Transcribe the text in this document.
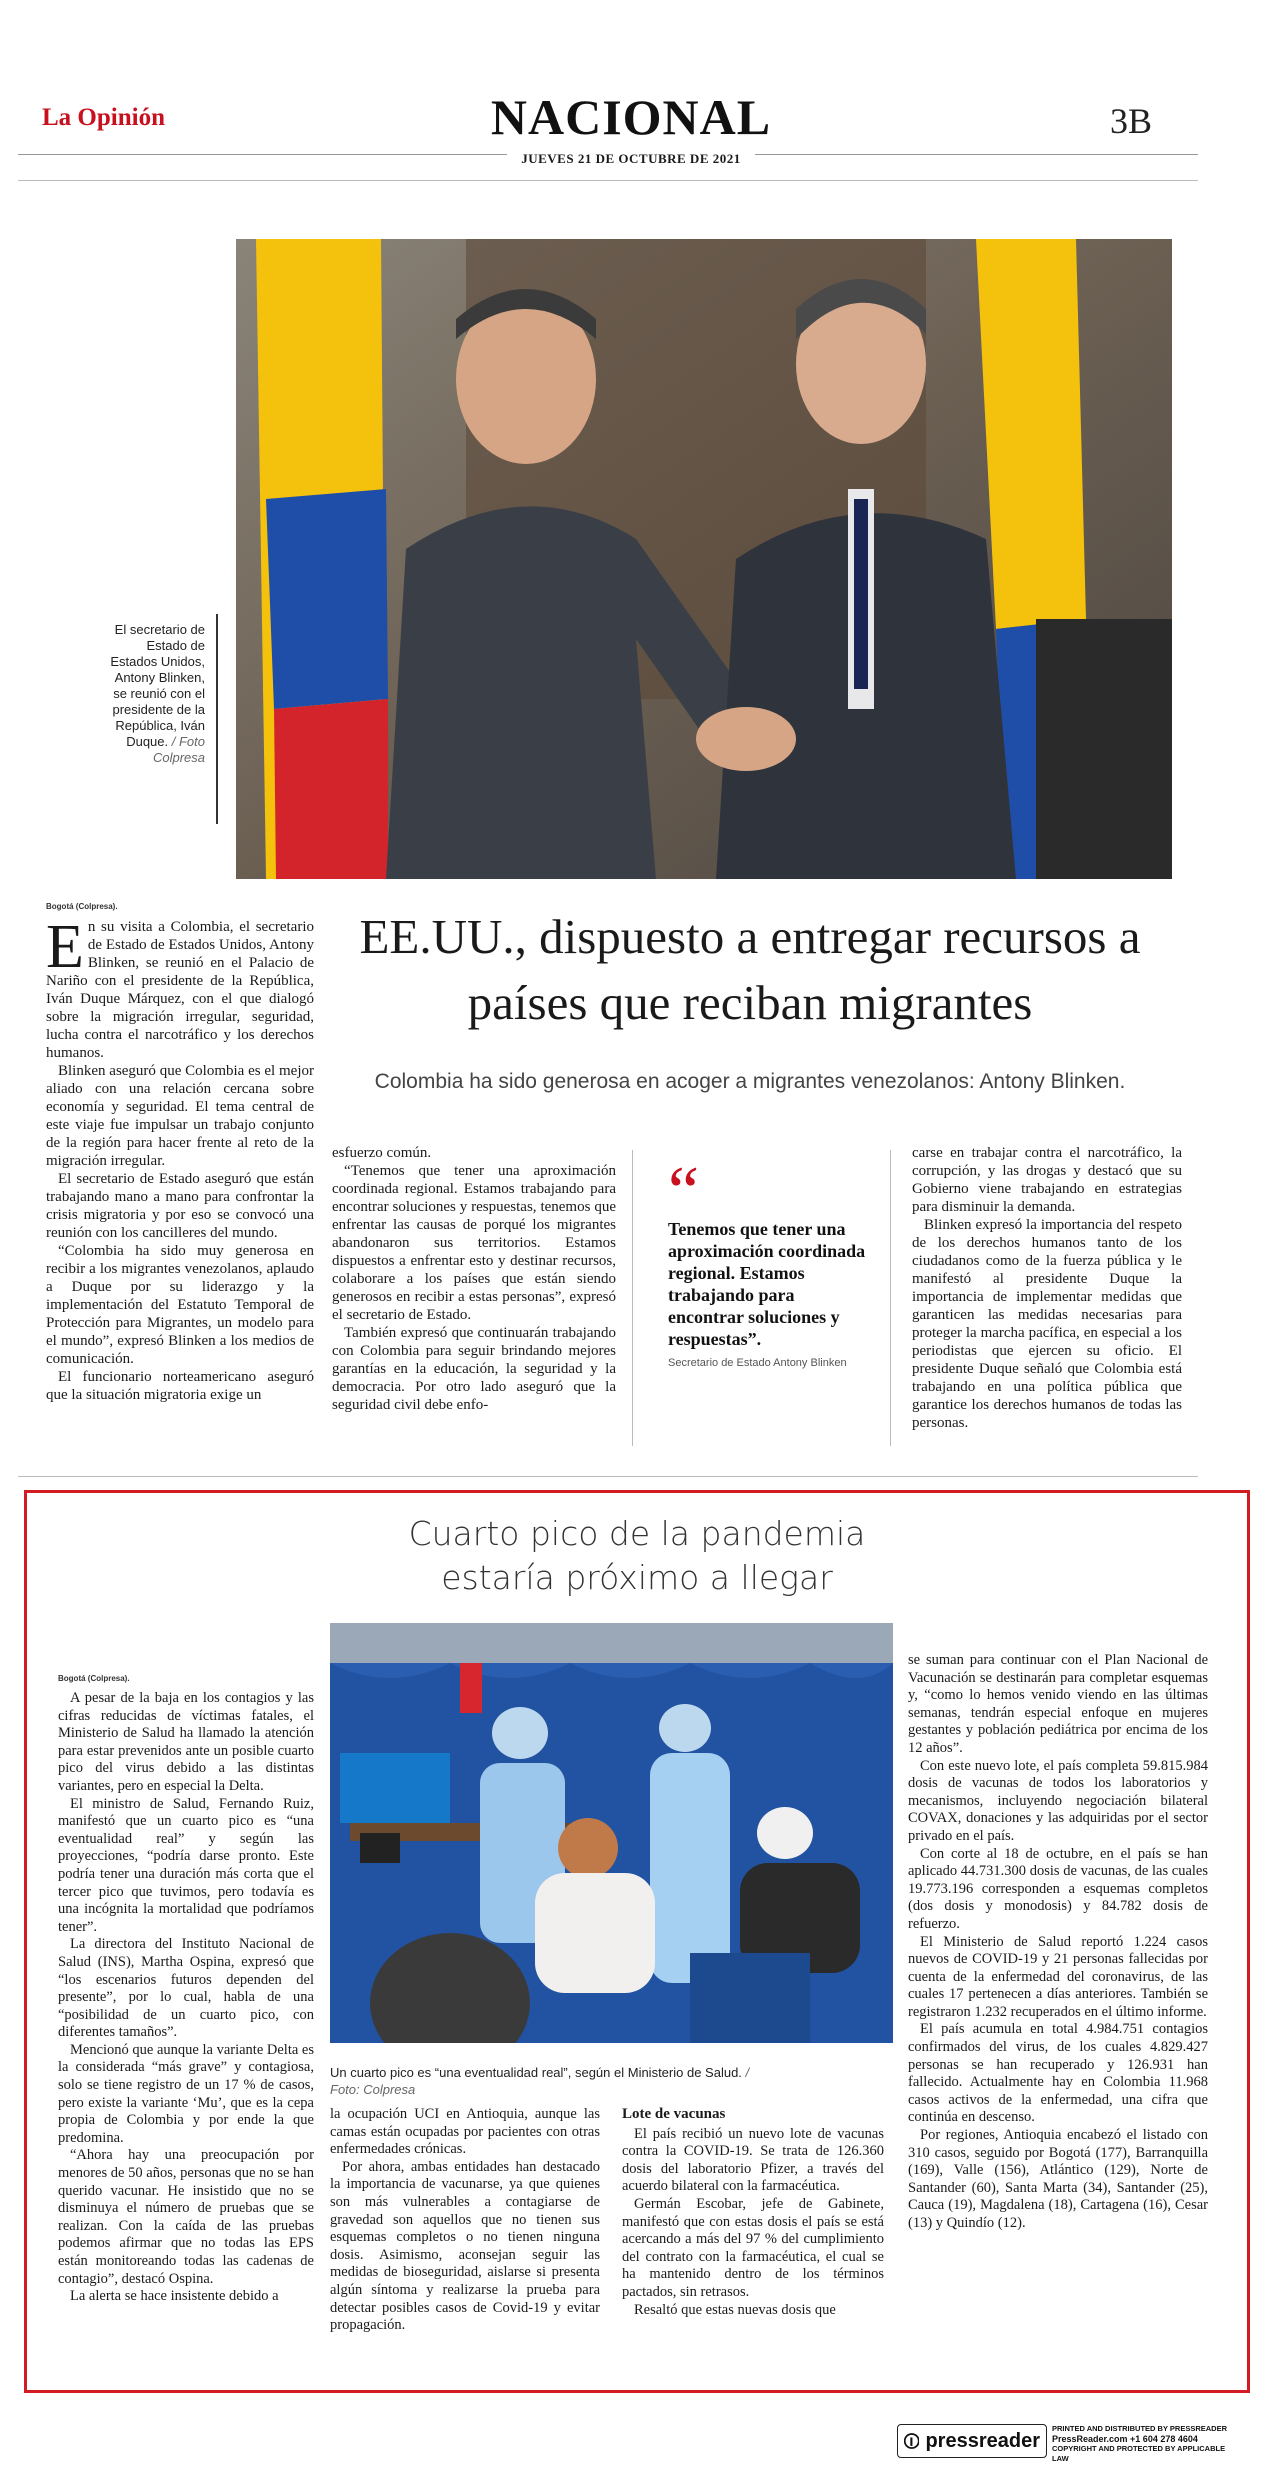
La Opinión	NACIONAL	3B
JUEVES 21 DE OCTUBRE DE 2021
El secretario de Estado de Estados Unidos, Antony Blinken, se reunió con el presidente de la República, Iván Duque. / Foto Colpresa
Bogotá (Colpresa).
EE.UU., dispuesto a entregar recursos a países que reciban migrantes
Colombia ha sido generosa en acoger a migrantes venezolanos: Antony Blinken.

En su visita a Colombia, el secretario de Estado de Estados Unidos, Antony Blinken, se reunió en el Palacio de Nariño con el presidente de la República, Iván Duque Márquez, con el que dialogó sobre la migración irregular, seguridad, lucha contra el narcotráfico y los derechos humanos.

Blinken aseguró que Colombia es el mejor aliado con una relación cercana sobre economía y seguridad. El tema central de este viaje fue impulsar un trabajo conjunto de la región para hacer frente al reto de la migración irregular.

El secretario de Estado aseguró que están trabajando mano a mano para confrontar la crisis migratoria y por eso se convocó una reunión con los cancilleres del mundo.

“Colombia ha sido muy generosa en recibir a los migrantes venezolanos, aplaudo a Duque por su liderazgo y la implementación del Estatuto Temporal de Protección para Migrantes, un modelo para el mundo”, expresó Blinken a los medios de comunicación.

El funcionario norteamericano aseguró que la situación migratoria exige un

esfuerzo común.

“Tenemos que tener una aproximación coordinada regional. Estamos trabajando para encontrar soluciones y respuestas, tenemos que enfrentar las causas de porqué los migrantes abandonaron sus territorios. Estamos dispuestos a enfrentar esto y destinar recursos, colaborare a los países que están siendo generosos en recibir a estas personas”, expresó el secretario de Estado.

También expresó que continuarán trabajando con Colombia para seguir brindando mejores garantías en la educación, la seguridad y la democracia. Por otro lado aseguró que la seguridad civil debe enfo-

“
Tenemos que tener una aproximación coordinada regional. Estamos trabajando para encontrar soluciones y respuestas”.
Secretario de Estado Antony Blinken

carse en trabajar contra el narcotráfico, la corrupción, y las drogas y destacó que su Gobierno viene trabajando en estrategias para disminuir la demanda.

Blinken expresó la importancia del respeto de los derechos humanos tanto de los ciudadanos como de la fuerza pública y le manifestó al presidente Duque la importancia de implementar medidas que garanticen las medidas necesarias para proteger la marcha pacífica, en especial a los periodistas que ejercen su oficio. El presidente Duque señaló que Colombia está trabajando en una política pública que garantice los derechos humanos de todas las personas.

Cuarto pico de la pandemia
estaría próximo a llegar
Un cuarto pico es “una eventualidad real”, según el Ministerio de Salud. / Foto: Colpresa
Bogotá (Colpresa).

A pesar de la baja en los contagios y las cifras reducidas de víctimas fatales, el Ministerio de Salud ha llamado la atención para estar prevenidos ante un posible cuarto pico del virus debido a las distintas variantes, pero en especial la Delta.

El ministro de Salud, Fernando Ruiz, manifestó que un cuarto pico es “una eventualidad real” y según las proyecciones, “podría darse pronto. Este podría tener una duración más corta que el tercer pico que tuvimos, pero todavía es una incógnita la mortalidad que podríamos tener”.

La directora del Instituto Nacional de Salud (INS), Martha Ospina, expresó que “los escenarios futuros dependen del presente”, por lo cual, habla de una “posibilidad de un cuarto pico, con diferentes tamaños”.

Mencionó que aunque la variante Delta es la considerada “más grave” y contagiosa, solo se tiene registro de un 17 % de casos, pero existe la variante ‘Mu’, que es la cepa propia de Colombia y por ende la que predomina.

“Ahora hay una preocupación por menores de 50 años, personas que no se han querido vacunar. He insistido que no se disminuya el número de pruebas que se realizan. Con la caída de las pruebas podemos afirmar que no todas las EPS están monitoreando todas las cadenas de contagio”, destacó Ospina.

La alerta se hace insistente debido a

la ocupación UCI en Antioquia, aunque las camas están ocupadas por pacientes con otras enfermedades crónicas.

Por ahora, ambas entidades han destacado la importancia de vacunarse, ya que quienes son más vulnerables a contagiarse de gravedad son aquellos que no tienen sus esquemas completos o no tienen ninguna dosis. Asimismo, aconsejan seguir las medidas de bioseguridad, aislarse si presenta algún síntoma y realizarse la prueba para detectar posibles casos de Covid-19 y evitar propagación.

Lote de vacunas

El país recibió un nuevo lote de vacunas contra la COVID-19. Se trata de 126.360 dosis del laboratorio Pfizer, a través del acuerdo bilateral con la farmacéutica.

Germán Escobar, jefe de Gabinete, manifestó que con estas dosis el país se está acercando a más del 97 % del cumplimiento del contrato con la farmacéutica, el cual se ha mantenido dentro de los términos pactados, sin retrasos.

Resaltó que estas nuevas dosis que

se suman para continuar con el Plan Nacional de Vacunación se destinarán para completar esquemas y, “como lo hemos venido viendo en las últimas semanas, tendrán especial enfoque en mujeres gestantes y población pediátrica por encima de los 12 años”.

Con este nuevo lote, el país completa 59.815.984 dosis de vacunas de todos los laboratorios y mecanismos, incluyendo negociación bilateral COVAX, donaciones y las adquiridas por el sector privado en el país.

Con corte al 18 de octubre, en el país se han aplicado 44.731.300 dosis de vacunas, de las cuales 19.773.196 corresponden a esquemas completos (dos dosis y monodosis) y 84.782 dosis de refuerzo.

El Ministerio de Salud reportó 1.224 casos nuevos de COVID-19 y 21 personas fallecidas por cuenta de la enfermedad del coronavirus, de las cuales 17 pertenecen a días anteriores. También se registraron 1.232 recuperados en el último informe.

El país acumula en total 4.984.751 contagios confirmados del virus, de los cuales 4.829.427 personas se han recuperado y 126.931 han fallecido. Actualmente hay en Colombia 11.968 casos activos de la enfermedad, una cifra que continúa en descenso.

Por regiones, Antioquia encabezó el listado con 310 casos, seguido por Bogotá (177), Barranquilla (169), Valle (156), Atlántico (129), Norte de Santander (60), Santa Marta (34), Santander (25), Cauca (19), Magdalena (18), Cartagena (16), Cesar (13) y Quindío (12).

pressreader
PRINTED AND DISTRIBUTED BY PRESSREADER
PressReader.com +1 604 278 4604
COPYRIGHT AND PROTECTED BY APPLICABLE LAW
